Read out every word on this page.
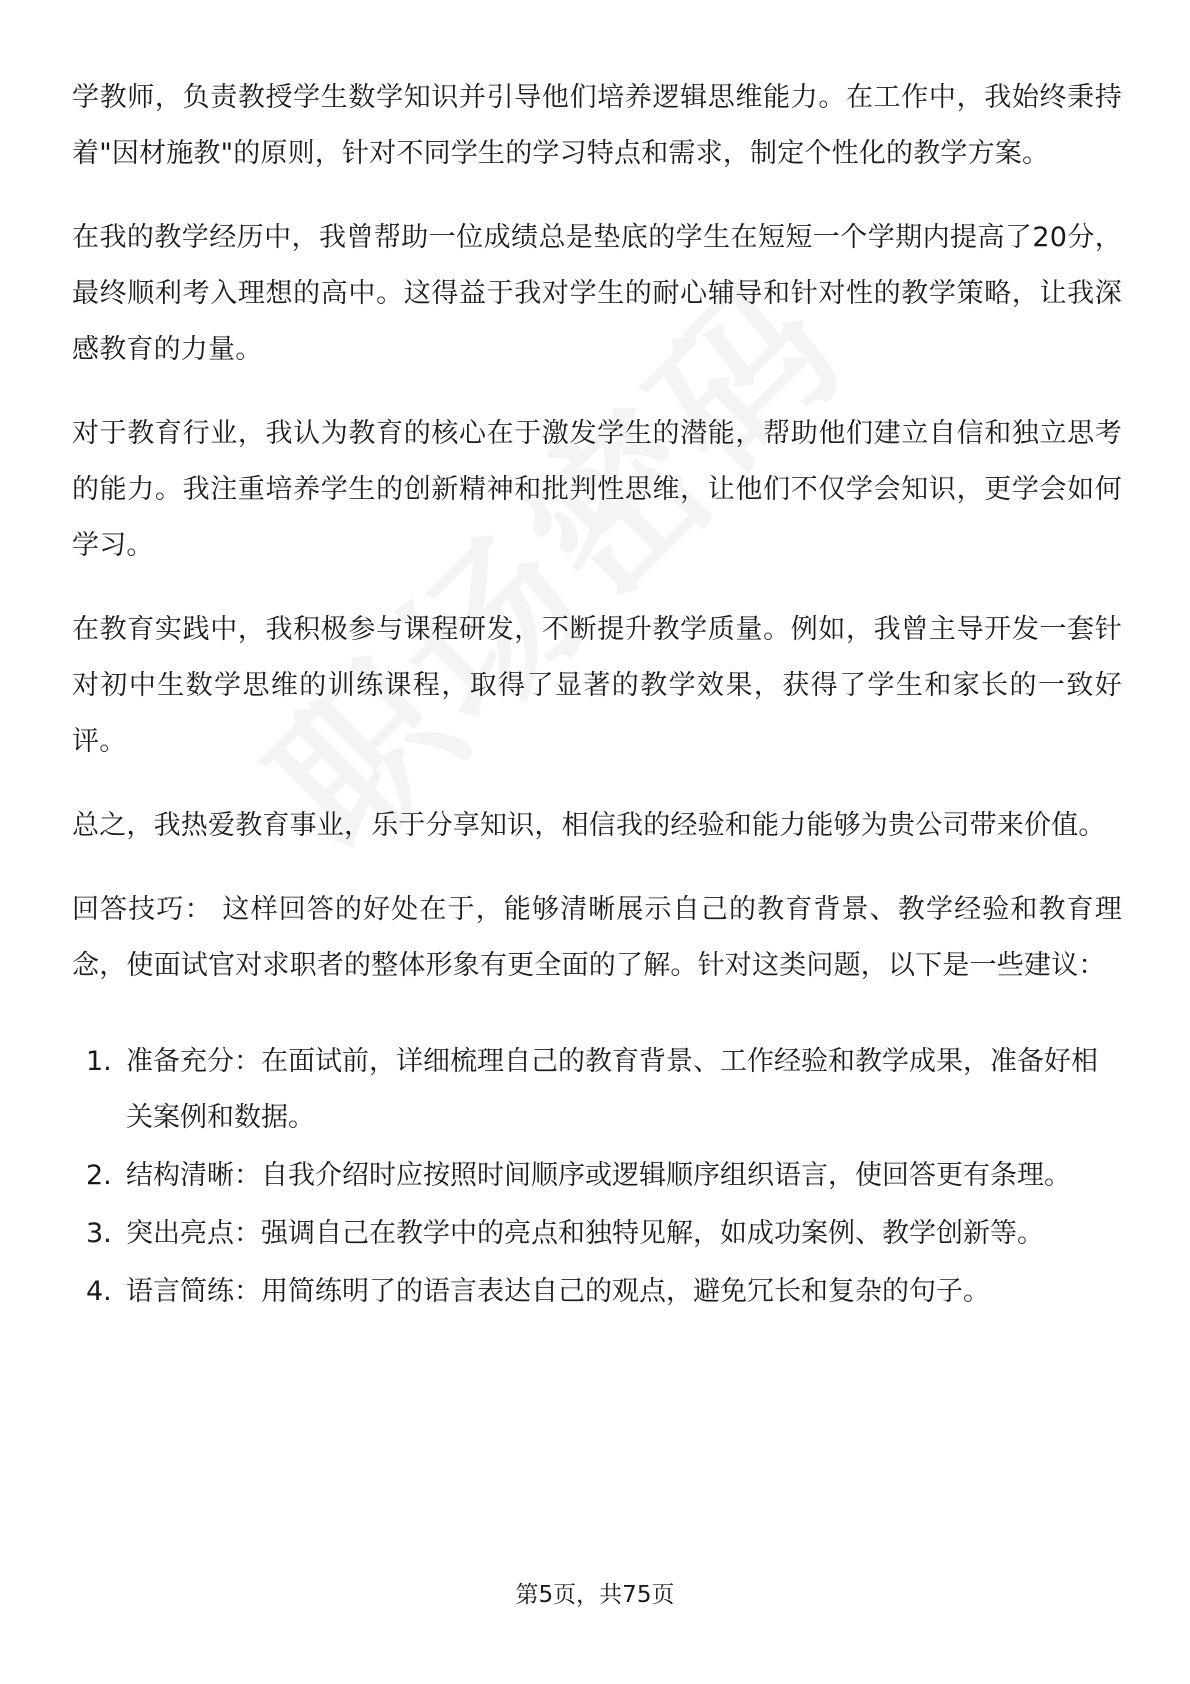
学教师，负责教授学生数学知识并引导他们培养逻辑思维能力。在工作中，我始终秉持着"因材施教"的原则，针对不同学生的学习特点和需求，制定个性化的教学方案。

在我的教学经历中，我曾帮助一位成绩总是垫底的学生在短短一个学期内提高了20分，最终顺利考入理想的高中。这得益于我对学生的耐心辅导和针对性的教学策略，让我深感教育的力量。

对于教育行业，我认为教育的核心在于激发学生的潜能，帮助他们建立自信和独立思考的能力。我注重培养学生的创新精神和批判性思维，让他们不仅学会知识，更学会如何学习。

在教育实践中，我积极参与课程研发，不断提升教学质量。例如，我曾主导开发一套针对初中生数学思维的训练课程，取得了显著的教学效果，获得了学生和家长的一致好评。

总之，我热爱教育事业，乐于分享知识，相信我的经验和能力能够为贵公司带来价值。

回答技巧： 这样回答的好处在于，能够清晰展示自己的教育背景、教学经验和教育理念，使面试官对求职者的整体形象有更全面的了解。针对这类问题，以下是一些建议：

1. 准备充分：在面试前，详细梳理自己的教育背景、工作经验和教学成果，准备好相关案例和数据。
2. 结构清晰：自我介绍时应按照时间顺序或逻辑顺序组织语言，使回答更有条理。
3. 突出亮点：强调自己在教学中的亮点和独特见解，如成功案例、教学创新等。
4. 语言简练：用简练明了的语言表达自己的观点，避免冗长和复杂的句子。
第5页，共75页
